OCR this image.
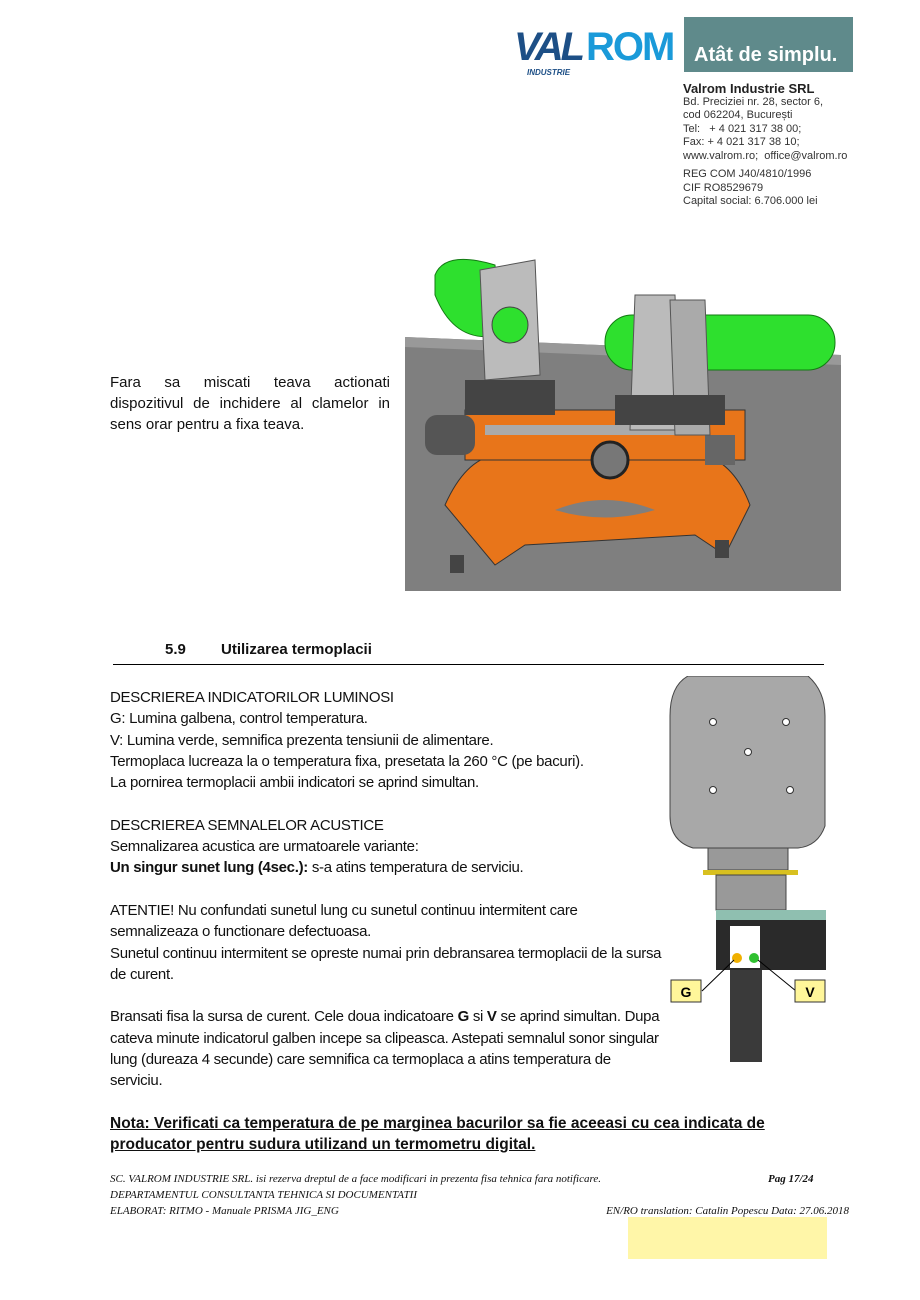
VAL ROM
INDUSTRIE
Atât de simplu.
Valrom Industrie SRL
Bd. Preciziei nr. 28, sector 6,
cod 062204, București
Tel:   + 4 021 317 38 00;
Fax: + 4 021 317 38 10;
www.valrom.ro;  office@valrom.ro
REG COM J40/4810/1996
CIF RO8529679
Capital social: 6.706.000 lei
Fara sa miscati teava actionati dispozitivul de inchidere al clamelor in sens orar pentru a fixa teava.
5.9 Utilizarea termoplacii

DESCRIEREA INDICATORILOR LUMINOSI
G: Lumina galbena, control temperatura.
V: Lumina verde, semnifica prezenta tensiunii de alimentare.
Termoplaca lucreaza la o temperatura fixa, presetata la 260 °C (pe bacuri).
La pornirea termoplacii ambii indicatori se aprind simultan.

DESCRIEREA SEMNALELOR ACUSTICE
Semnalizarea acustica are urmatoarele variante:
Un singur sunet lung (4sec.): s-a atins temperatura de serviciu.

ATENTIE! Nu confundati sunetul lung cu sunetul continuu intermitent care semnalizeaza o functionare defectuoasa.
Sunetul continuu intermitent se opreste numai prin debransarea termoplacii de la sursa de curent.

Bransati fisa la sursa de curent. Cele doua indicatoare G si V se aprind simultan. Dupa cateva minute indicatorul galben incepe sa clipeasca. Astepati semnalul sonor singular lung (dureaza 4 secunde) care semnifica ca termoplaca a atins temperatura de serviciu.

Nota: Verificati ca temperatura de pe marginea bacurilor sa fie aceeasi cu cea indicata de producator pentru sudura utilizand un termometru digital.
G	V
SC. VALROM INDUSTRIE SRL. isi rezerva dreptul de a face modificari in prezenta fisa tehnica fara notificare.	Pag 17/24
DEPARTAMENTUL CONSULTANTA TEHNICA SI DOCUMENTATII
ELABORAT: RITMO - Manuale PRISMA JIG_ENG	EN/RO translation: Catalin Popescu Data: 27.06.2018
